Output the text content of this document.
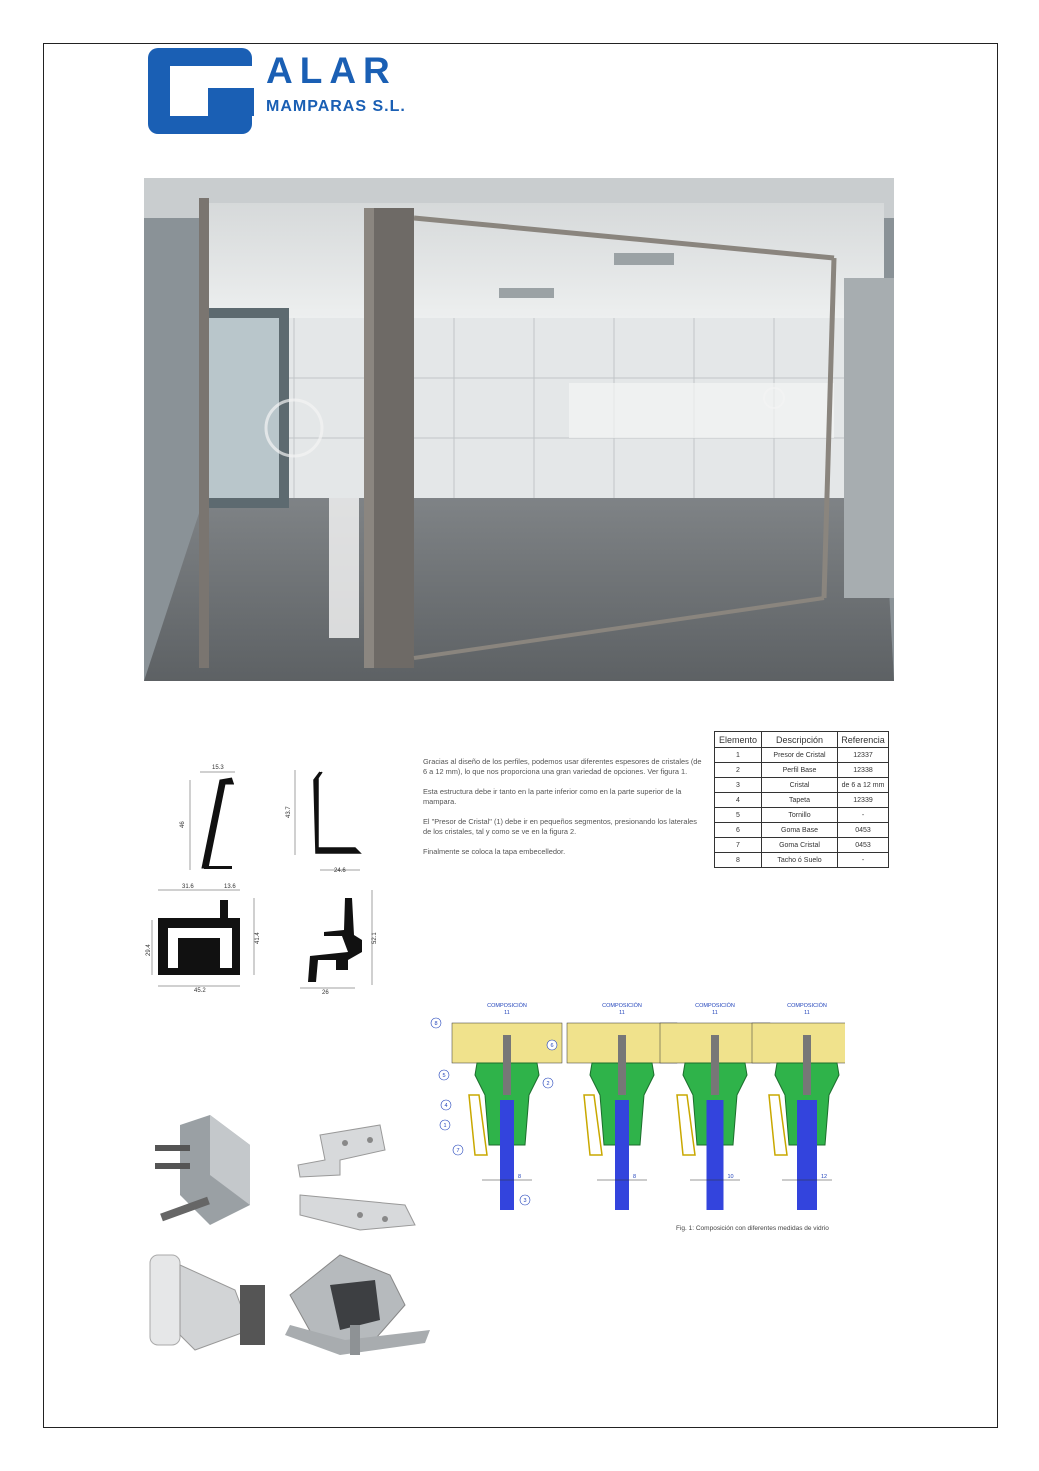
ALAR
MAMPARAS S.L.
15.3
46
43.7
24.6
31.6	13.6
29.4
41.4
45.2
52.1
26

Gracias al diseño de los perfiles, podemos usar diferentes espesores de cristales (de 6 a 12 mm), lo que nos proporciona una gran variedad de opciones. Ver figura 1.

Esta estructura debe ir tanto en la parte inferior como en la parte superior de la mampara.

El "Presor de Cristal" (1) debe ir en pequeños segmentos, presionando los laterales de los cristales, tal y como se ve en la figura 2.

Finalmente se coloca la tapa embecelledor.

Elemento	Descripción	Referencia
1	Presor de Cristal	12337
2	Perfil Base	12338
3	Cristal	de 6 a 12 mm
4	Tapeta	12339
5	Tornillo	-
6	Goma Base	0453
7	Goma Cristal	0453
8	Tacho ó Suelo	-
COMPOSICIÓN
11
8
8
6
5
2
4
1
7
3
COMPOSICIÓN
11
8
COMPOSICIÓN
11
10
COMPOSICIÓN
11
12
Fig. 1: Composición con diferentes medidas de vidrio
